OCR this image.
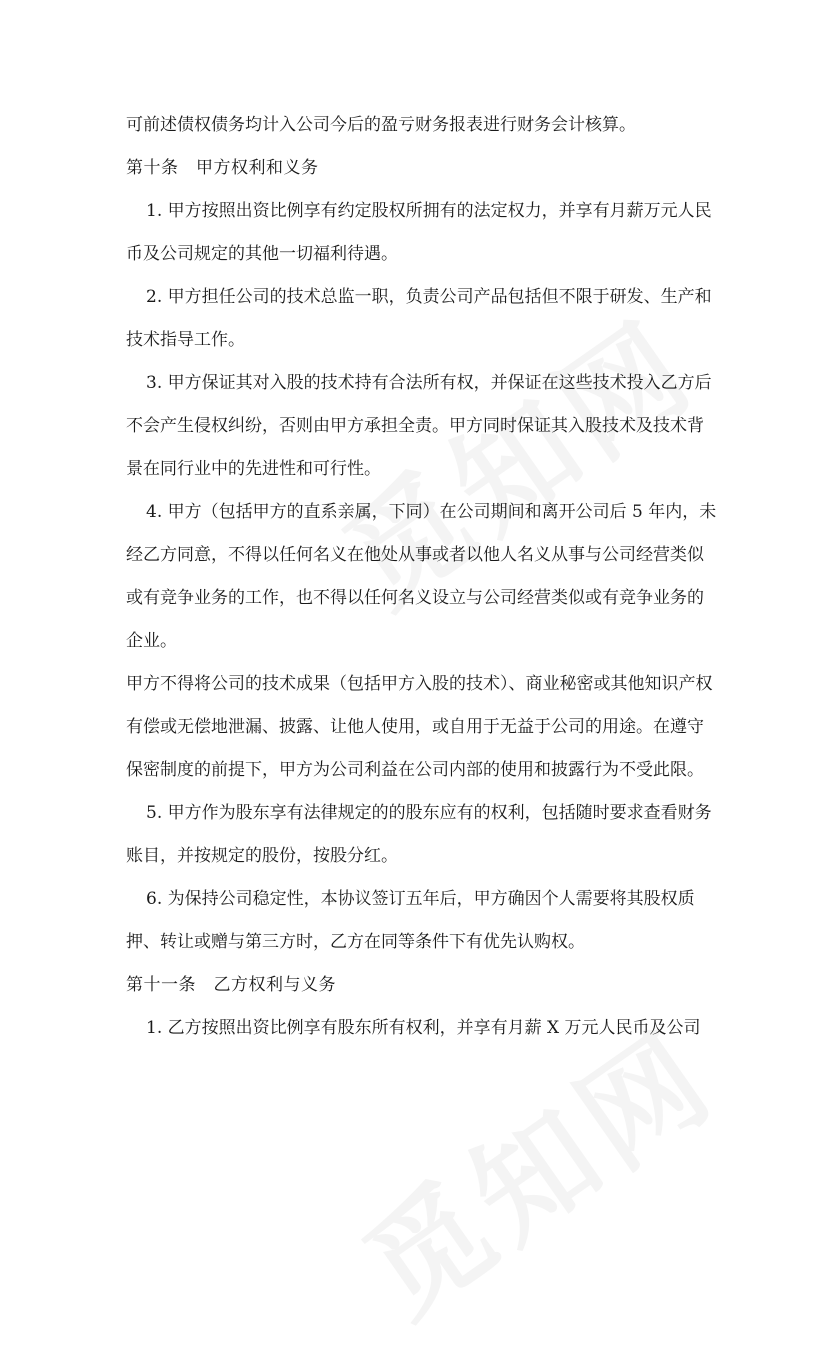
可前述债权债务均计入公司今后的盈亏财务报表进行财务会计核算。

第十条　甲方权利和义务

1. 甲方按照出资比例享有约定股权所拥有的法定权力，并享有月薪万元人民

币及公司规定的其他一切福利待遇。

2. 甲方担任公司的技术总监一职，负责公司产品包括但不限于研发、生产和

技术指导工作。

3. 甲方保证其对入股的技术持有合法所有权，并保证在这些技术投入乙方后

不会产生侵权纠纷，否则由甲方承担全责。甲方同时保证其入股技术及技术背

景在同行业中的先进性和可行性。

4. 甲方（包括甲方的直系亲属，下同）在公司期间和离开公司后 5 年内，未

经乙方同意，不得以任何名义在他处从事或者以他人名义从事与公司经营类似

或有竞争业务的工作，也不得以任何名义设立与公司经营类似或有竞争业务的

企业。

甲方不得将公司的技术成果（包括甲方入股的技术）、商业秘密或其他知识产权

有偿或无偿地泄漏、披露、让他人使用，或自用于无益于公司的用途。在遵守

保密制度的前提下，甲方为公司利益在公司内部的使用和披露行为不受此限。

5. 甲方作为股东享有法律规定的的股东应有的权利，包括随时要求查看财务

账目，并按规定的股份，按股分红。

6. 为保持公司稳定性，本协议签订五年后，甲方确因个人需要将其股权质

押、转让或赠与第三方时，乙方在同等条件下有优先认购权。

第十一条　乙方权利与义务

1. 乙方按照出资比例享有股东所有权利，并享有月薪 X 万元人民币及公司
